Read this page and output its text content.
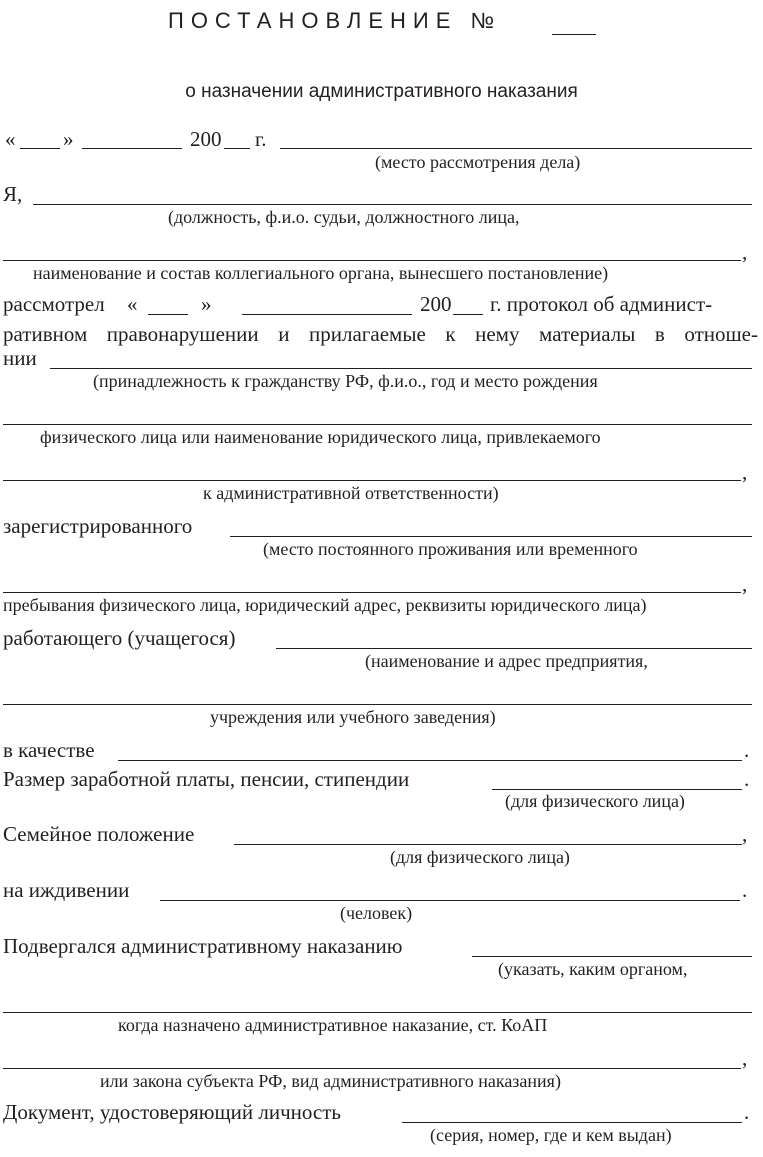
ПОСТАНОВЛЕНИЕ №
о назначении административного наказания
« »	200 г.
(место рассмотрения дела)
Я,
(должность, ф.и.о. судьи, должностного лица,
,
наименование и состав коллегиального органа, вынесшего постановление)
рассмотрел «	»	200 г. протокол об админист-
ративном правонарушении и прилагаемые к нему материалы в отноше-
нии
(принадлежность к гражданству РФ, ф.и.о., год и место рождения
физического лица или наименование юридического лица, привлекаемого
,
к административной ответственности)
зарегистрированного
(место постоянного проживания или временного
,
пребывания физического лица, юридический адрес, реквизиты юридического лица)
работающего (учащегося)
(наименование и адрес предприятия,
учреждения или учебного заведения)
в качестве	.
Размер заработной платы, пенсии, стипендии	.
(для физического лица)
Семейное положение	,
(для физического лица)
на иждивении	.
(человек)
Подвергался административному наказанию
(указать, каким органом,
когда назначено административное наказание, ст. КоАП
,
или закона субъекта РФ, вид административного наказания)
Документ, удостоверяющий личность	.
(серия, номер, где и кем выдан)
